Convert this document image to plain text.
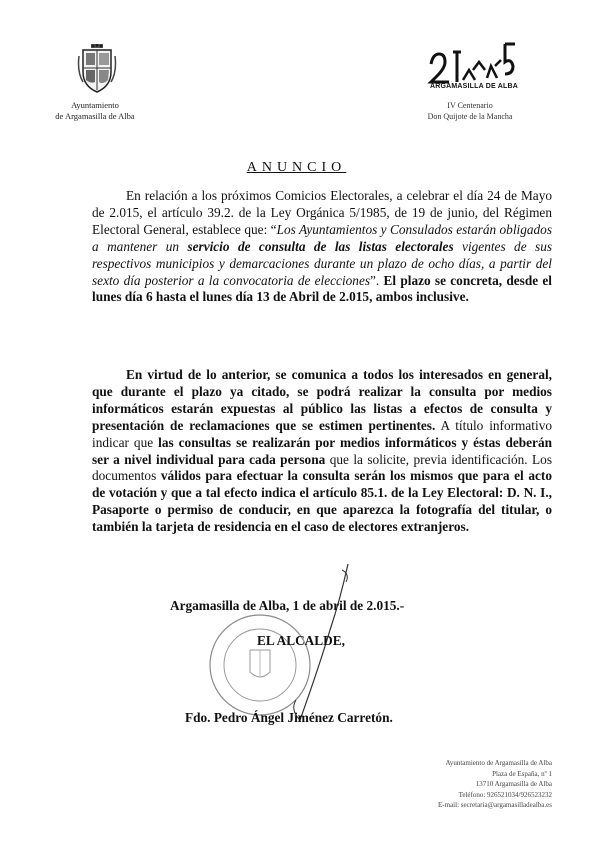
Ayuntamiento
de Argamasilla de Alba
ARGAMASILLA DE ALBA
IV Centenario
Don Quijote de la Mancha
ANUNCIO
En relación a los próximos Comicios Electorales, a celebrar el día 24 de Mayo de 2.015, el artículo 39.2. de la Ley Orgánica 5/1985, de 19 de junio, del Régimen Electoral General, establece que: “Los Ayuntamientos y Consulados estarán obligados a mantener un servicio de consulta de las listas electorales vigentes de sus respectivos municipios y demarcaciones durante un plazo de ocho días, a partir del sexto día posterior a la convocatoria de elecciones”. El plazo se concreta, desde el lunes día 6 hasta el lunes día 13 de Abril de 2.015, ambos inclusive.
En virtud de lo anterior, se comunica a todos los interesados en general, que durante el plazo ya citado, se podrá realizar la consulta por medios informáticos estarán expuestas al público las listas a efectos de consulta y presentación de reclamaciones que se estimen pertinentes. A título informativo indicar que las consultas se realizarán por medios informáticos y éstas deberán ser a nivel individual para cada persona que la solicite, previa identificación. Los documentos válidos para efectuar la consulta serán los mismos que para el acto de votación y que a tal efecto indica el artículo 85.1. de la Ley Electoral: D. N. I., Pasaporte o permiso de conducir, en que aparezca la fotografía del titular, o también la tarjeta de residencia en el caso de electores extranjeros.
Argamasilla de Alba, 1 de abril de 2.015.-
EL ALCALDE,
Fdo. Pedro Ángel Jiménez Carretón.
Ayuntamiento de Argamasilla de Alba
Plaza de España, nº 1
13710 Argamasilla de Alba
Teléfono: 926521034/926523232
E-mail: secretaria@argamasilladealba.es
